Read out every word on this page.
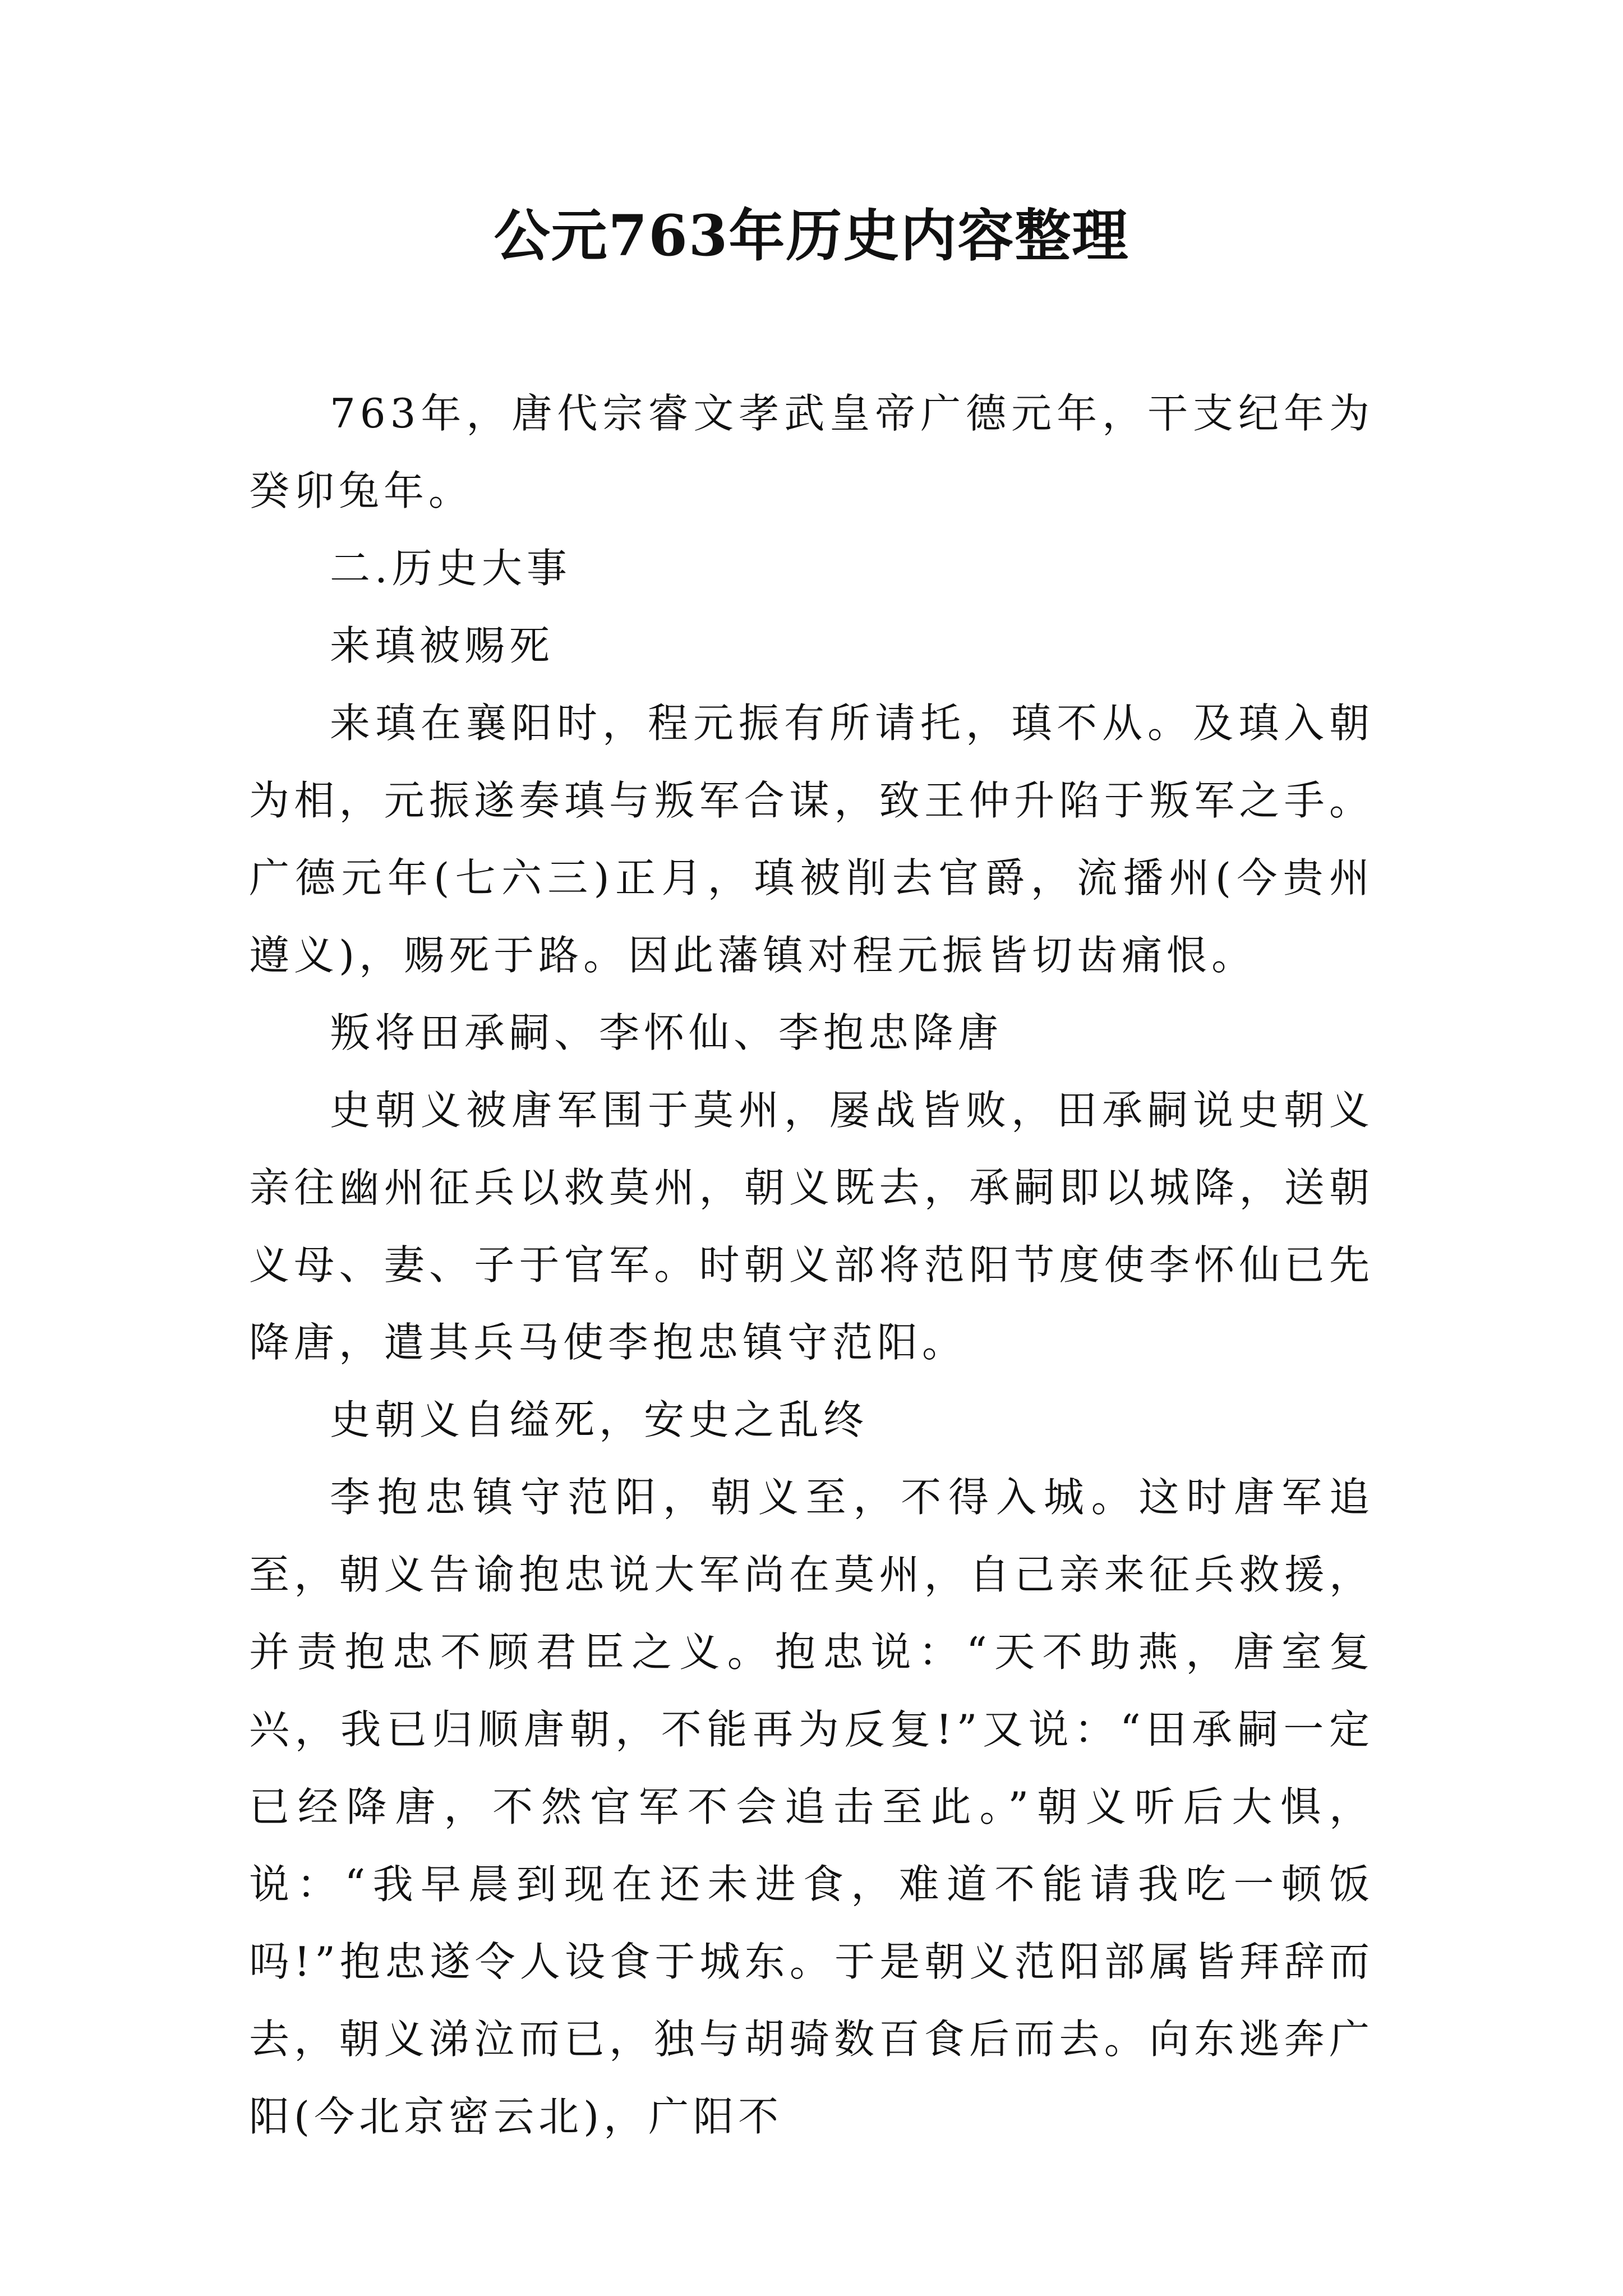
公元763年历史内容整理

763年，唐代宗睿文孝武皇帝广德元年，干支纪年为癸卯兔年。

二.历史大事

来瑱被赐死

来瑱在襄阳时，程元振有所请托，瑱不从。及瑱入朝为相，元振遂奏瑱与叛军合谋，致王仲升陷于叛军之手。广德元年(七六三)正月，瑱被削去官爵，流播州(今贵州遵义)，赐死于路。因此藩镇对程元振皆切齿痛恨。

叛将田承嗣、李怀仙、李抱忠降唐

史朝义被唐军围于莫州，屡战皆败，田承嗣说史朝义亲往幽州征兵以救莫州，朝义既去，承嗣即以城降，送朝义母、妻、子于官军。时朝义部将范阳节度使李怀仙已先降唐，遣其兵马使李抱忠镇守范阳。

史朝义自缢死，安史之乱终

李抱忠镇守范阳，朝义至，不得入城。这时唐军追至，朝义告谕抱忠说大军尚在莫州，自己亲来征兵救援，并责抱忠不顾君臣之义。抱忠说：“天不助燕，唐室复兴，我已归顺唐朝，不能再为反复!”又说：“田承嗣一定已经降唐，不然官军不会追击至此。”朝义听后大惧，说：“我早晨到现在还未进食，难道不能请我吃一顿饭吗!”抱忠遂令人设食于城东。于是朝义范阳部属皆拜辞而去，朝义涕泣而已，独与胡骑数百食后而去。向东逃奔广阳(今北京密云北)，广阳不
